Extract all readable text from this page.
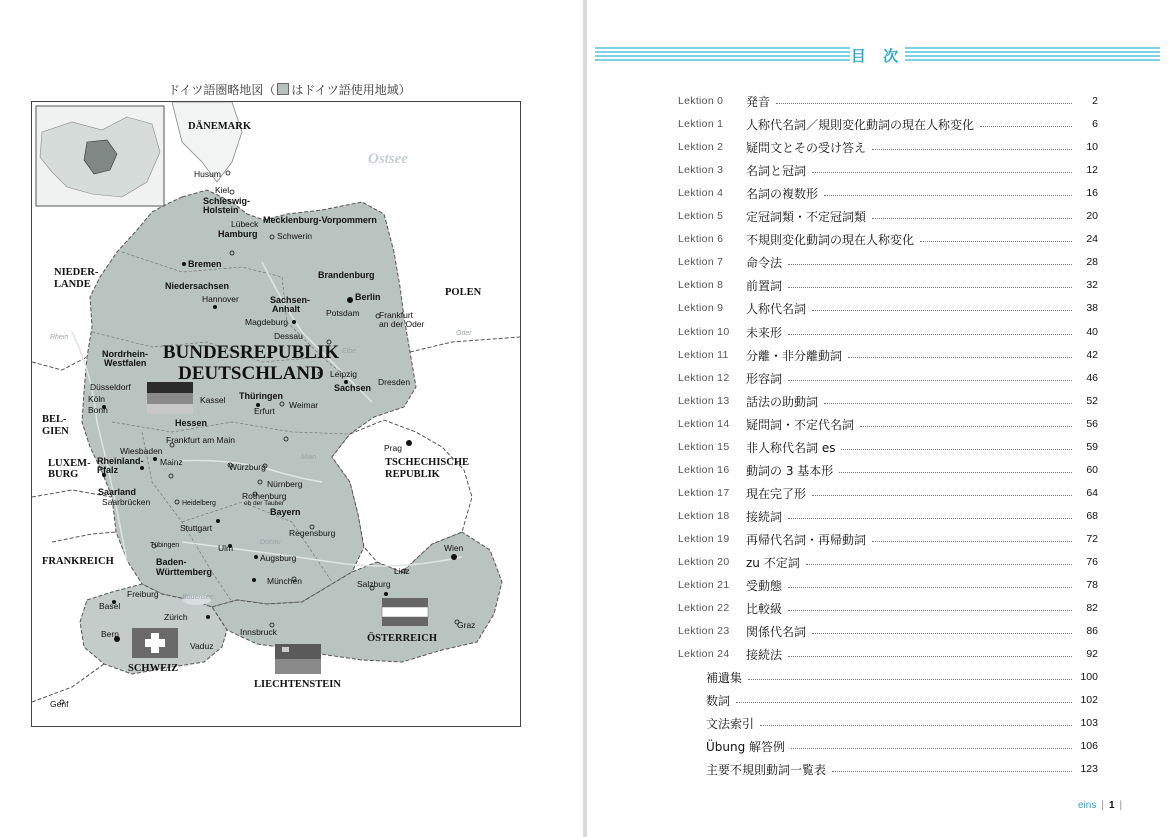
ドイツ語圏略地図（ はドイツ語使用地域）
DÄNEMARK
Ostsee
Husum
Kiel
Schleswig-
Holstein
Lübeck
Hamburg
Mecklenburg-Vorpommern
Schwerin
NIEDER-
LANDE
Bremen
Brandenburg
Niedersachsen
Hannover	Sachsen-
Anhalt
Berlin
Potsdam
POLEN
Magdeburg
Frankfurt
an der Oder
Dessau	Oder
Rhein
Elbe
Nordrhein-
Westfalen BUNDESREPUBLIK
DEUTSCHLAND
Düsseldorf
Köln
Bonn
Leipzig
Sachsen
Dresden
Kassel Thüringen
Erfurt
Weimar
BEL-
GIEN
Hessen
Frankfurt am Main
Prag
Wiesbaden
Rheinland-
Pfalz
Mainz	Main
LUXEM-
BURG
TSCHECHISCHE
REPUBLIK
Würzburg
Saarland
Saarbrücken
Nürnberg
Rothenburg
ob der Tauber
Heidelberg
Bayern
Stuttgart	Regensburg
Tübingen	Ulm
Donau
Wien
FRANKREICH	Baden-
Württemberg
Augsburg
Linz
München	Salzburg
Freiburg
Basel
Bodensee
Zürich
Bern	Innsbruck
Graz
ÖSTERREICH
Vaduz
SCHWEIZ
LIECHTENSTEIN
Genf
目 次
Lektion 0	発音	2
Lektion 1	人称代名詞／規則変化動詞の現在人称変化	6
Lektion 2	疑問文とその受け答え	10
Lektion 3	名詞と冠詞	12
Lektion 4	名詞の複数形	16
Lektion 5	定冠詞類・不定冠詞類	20
Lektion 6	不規則変化動詞の現在人称変化	24
Lektion 7	命令法	28
Lektion 8	前置詞	32
Lektion 9	人称代名詞	38
Lektion 10	未来形	40
Lektion 11	分離・非分離動詞	42
Lektion 12	形容詞	46
Lektion 13	話法の助動詞	52
Lektion 14	疑問詞・不定代名詞	56
Lektion 15	非人称代名詞 es	59
Lektion 16	動詞の 3 基本形	60
Lektion 17	現在完了形	64
Lektion 18	接続詞	68
Lektion 19	再帰代名詞・再帰動詞	72
Lektion 20	zu 不定詞	76
Lektion 21	受動態	78
Lektion 22	比較級	82
Lektion 23	関係代名詞	86
Lektion 24	接続法	92
補遺集	100
数詞	102
文法索引	103
Übung 解答例	106
主要不規則動詞一覧表	123
eins | 1 |
